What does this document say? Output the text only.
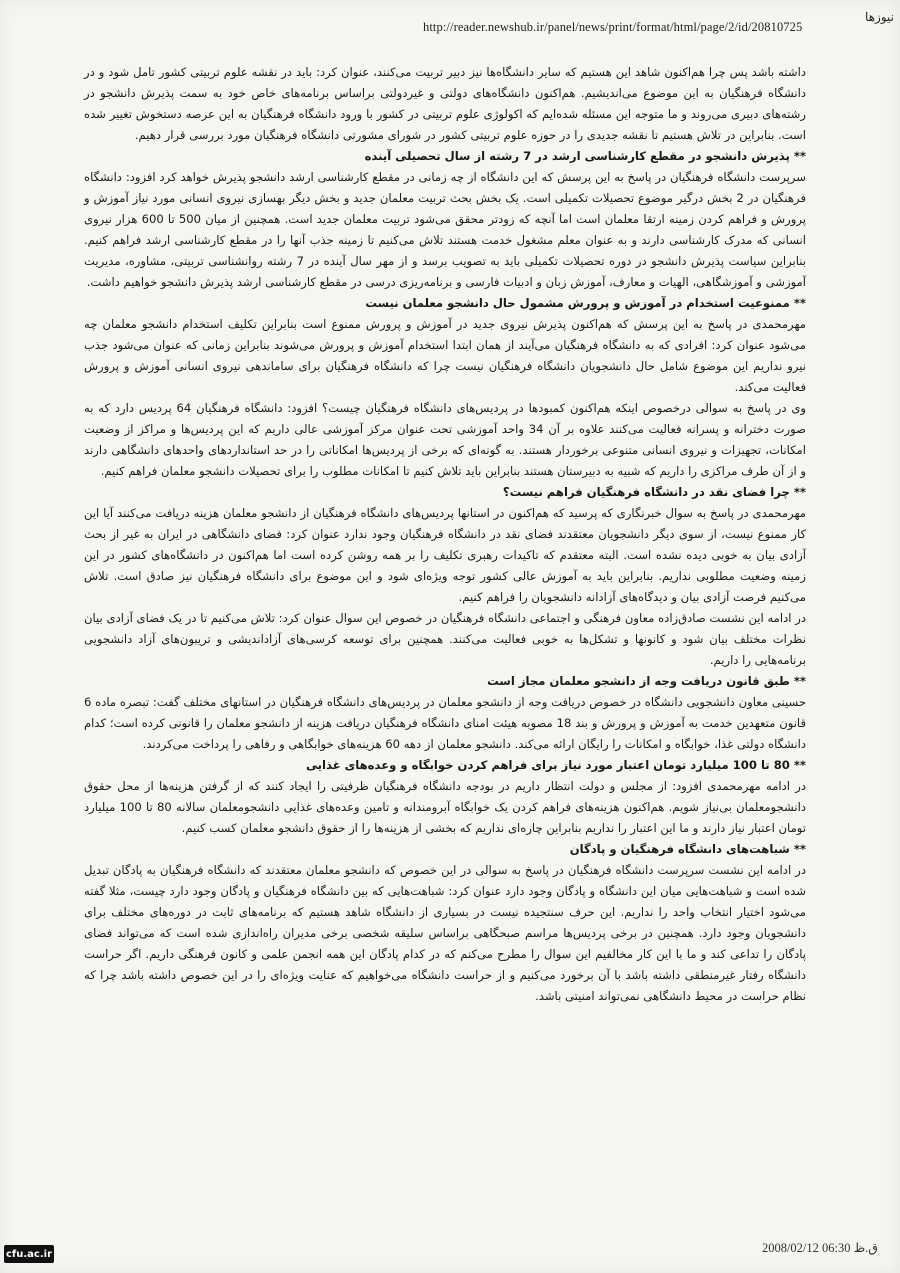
نیوزها
http://reader.newshub.ir/panel/news/print/format/html/page/2/id/20810725

داشته باشد پس چرا هم‌اکنون شاهد این هستیم که سایر دانشگاه‌ها نیز دبیر تربیت می‌کنند، عنوان کرد: باید در نقشه علوم تربیتی کشور تامل شود و در دانشگاه فرهنگیان به این موضوع می‌اندیشیم. هم‌اکنون دانشگاه‌های دولتی و غیردولتی براساس برنامه‌های خاص خود به سمت پذیرش دانشجو در رشته‌های دبیری می‌روند و ما متوجه این مسئله شده‌ایم که اکولوژی علوم تربیتی در کشور با ورود دانشگاه فرهنگیان به این عرصه دستخوش تغییر شده است. بنابراین در تلاش هستیم تا نقشه جدیدی را در حوزه علوم تربیتی کشور در شورای مشورتی دانشگاه فرهنگیان مورد بررسی قرار دهیم.

** پذیرش دانشجو در مقطع کارشناسی ارشد در 7 رشته از سال تحصیلی آینده

سرپرست دانشگاه فرهنگیان در پاسخ به این پرسش که این دانشگاه از چه زمانی در مقطع کارشناسی ارشد دانشجو پذیرش خواهد کرد افزود: دانشگاه فرهنگیان در 2 بخش درگیر موضوع تحصیلات تکمیلی است. یک بخش بحث تربیت معلمان جدید و بخش دیگر بهسازی نیروی انسانی مورد نیاز آموزش و پرورش و فراهم کردن زمینه ارتقا معلمان است اما آنچه که زودتر محقق می‌شود تربیت معلمان جدید است. همچنین از میان 500 تا 600 هزار نیروی انسانی که مدرک کارشناسی دارند و به عنوان معلم مشغول خدمت هستند تلاش می‌کنیم تا زمینه جذب آنها را در مقطع کارشناسی ارشد فراهم کنیم. بنابراین سیاست پذیرش دانشجو در دوره تحصیلات تکمیلی باید به تصویب برسد و از مهر سال آینده در 7 رشته روانشناسی تربیتی، مشاوره، مدیریت آموزشی و آموزشگاهی، الهیات و معارف، آموزش زبان و ادبیات فارسی و برنامه‌ریزی درسی در مقطع کارشناسی ارشد پذیرش دانشجو خواهیم داشت.

** ممنوعیت استخدام در آموزش و پرورش مشمول حال دانشجو معلمان نیست

مهرمحمدی در پاسخ به این پرسش که هم‌اکنون پذیرش نیروی جدید در آموزش و پرورش ممنوع است بنابراین تکلیف استخدام دانشجو معلمان چه می‌شود عنوان کرد: افرادی که به دانشگاه فرهنگیان می‌آیند از همان ابتدا استخدام آموزش و پرورش می‌شوند بنابراین زمانی که عنوان می‌شود جذب نیرو نداریم این موضوع شامل حال دانشجویان دانشگاه فرهنگیان نیست چرا که دانشگاه فرهنگیان برای ساماندهی نیروی انسانی آموزش و پرورش فعالیت می‌کند.

وی در پاسخ به سوالی درخصوص اینکه هم‌اکنون کمبودها در پردیس‌های دانشگاه فرهنگیان چیست؟ افزود: دانشگاه فرهنگیان 64 پردیس دارد که به صورت دخترانه و پسرانه فعالیت می‌کنند علاوه بر آن 34 واحد آموزشی تحت عنوان مرکز آموزشی عالی داریم که این پردیس‌ها و مراکز از وضعیت امکانات، تجهیزات و نیروی انسانی متنوعی برخوردار هستند. به گونه‌ای که برخی از پردیس‌ها امکاناتی را در حد استانداردهای واحدهای دانشگاهی دارند و از آن طرف مراکزی را داریم که شبیه به دبیرستان هستند بنابراین باید تلاش کنیم تا امکانات مطلوب را برای تحصیلات دانشجو معلمان فراهم کنیم.

** چرا فضای نقد در دانشگاه فرهنگیان فراهم نیست؟

مهرمحمدی در پاسخ به سوال خبرنگاری که پرسید که هم‌اکنون در استانها پردیس‌های دانشگاه فرهنگیان از دانشجو معلمان هزینه دریافت می‌کنند آیا این کار ممنوع نیست، از سوی دیگر دانشجویان معتقدند فضای نقد در دانشگاه فرهنگیان وجود ندارد عنوان کرد: فضای دانشگاهی در ایران به غیر از بحث آزادی بیان به خوبی دیده نشده است. البته معتقدم که تاکیدات رهبری تکلیف را بر همه روشن کرده است اما هم‌اکنون در دانشگاه‌های کشور در این زمینه وضعیت مطلوبی نداریم. بنابراین باید به آموزش عالی کشور توجه ویژه‌ای شود و این موضوع برای دانشگاه فرهنگیان نیز صادق است. تلاش می‌کنیم فرصت آزادی بیان و دیدگاه‌های آزادانه دانشجویان را فراهم کنیم.

در ادامه این نشست صادق‌زاده معاون فرهنگی و اجتماعی دانشگاه فرهنگیان در خصوص این سوال عنوان کرد: تلاش می‌کنیم تا در یک فضای آزادی بیان نظرات مختلف بیان شود و کانونها و تشکل‌ها به خوبی فعالیت می‌کنند. همچنین برای توسعه کرسی‌های آزاداندیشی و تریبون‌های آزاد دانشجویی برنامه‌هایی را داریم.

** طبق قانون دریافت وجه از دانشجو معلمان مجاز است

حسینی معاون دانشجویی دانشگاه در خصوص دریافت وجه از دانشجو معلمان در پردیس‌های دانشگاه فرهنگیان در استانهای مختلف گفت: تبصره ماده 6 قانون متعهدین خدمت به آموزش و پرورش و بند 18 مصوبه هیئت امنای دانشگاه فرهنگیان دریافت هزینه از دانشجو معلمان را قانونی کرده است؛ کدام دانشگاه دولتی غذا، خوابگاه و امکانات را رایگان ارائه می‌کند. دانشجو معلمان از دهه 60 هزینه‌های خوابگاهی و رفاهی را پرداخت می‌کردند.

** 80 تا 100 میلیارد تومان اعتبار مورد نیاز برای فراهم کردن خوابگاه و وعده‌های غذایی

در ادامه مهرمحمدی افزود: از مجلس و دولت انتظار داریم در بودجه دانشگاه فرهنگیان ظرفیتی را ایجاد کنند که از گرفتن هزینه‌ها از محل حقوق دانشجومعلمان بی‌نیاز شویم. هم‌اکنون هزینه‌های فراهم کردن یک خوابگاه آبرومندانه و تامین وعده‌های غذایی دانشجومعلمان سالانه 80 تا 100 میلیارد تومان اعتبار نیاز دارند و ما این اعتبار را نداریم بنابراین چاره‌ای نداریم که بخشی از هزینه‌ها را از حقوق دانشجو معلمان کسب کنیم.

** شباهت‌های دانشگاه فرهنگیان و پادگان

در ادامه این نشست سرپرست دانشگاه فرهنگیان در پاسخ به سوالی در این خصوص که دانشجو معلمان معتقدند که دانشگاه فرهنگیان به پادگان تبدیل شده است و شباهت‌هایی میان این دانشگاه و پادگان وجود دارد عنوان کرد: شباهت‌هایی که بین دانشگاه فرهنگیان و پادگان وجود دارد چیست، مثلا گفته می‌شود اختیار انتخاب واحد را نداریم. این حرف سنتجیده نیست در بسیاری از دانشگاه شاهد هستیم که برنامه‌های ثابت در دوره‌های مختلف برای دانشجویان وجود دارد. همچنین در برخی پردیس‌ها مراسم صبحگاهی براساس سلیقه شخصی برخی مدیران راه‌اندازی شده است که می‌تواند فضای پادگان را تداعی کند و ما با این کار مخالفیم این سوال را مطرح می‌کنم که در کدام پادگان این همه انجمن علمی و کانون فرهنگی داریم. اگر حراست دانشگاه رفتار غیرمنطقی داشته باشد با آن برخورد می‌کنیم و از حراست دانشگاه می‌خواهیم که عنایت ویژه‌ای را در این خصوص داشته باشد چرا که نظام حراست در محیط دانشگاهی نمی‌تواند امنیتی باشد.

cfu.ac.ir	2008/02/12 06:30 ق.ظ
